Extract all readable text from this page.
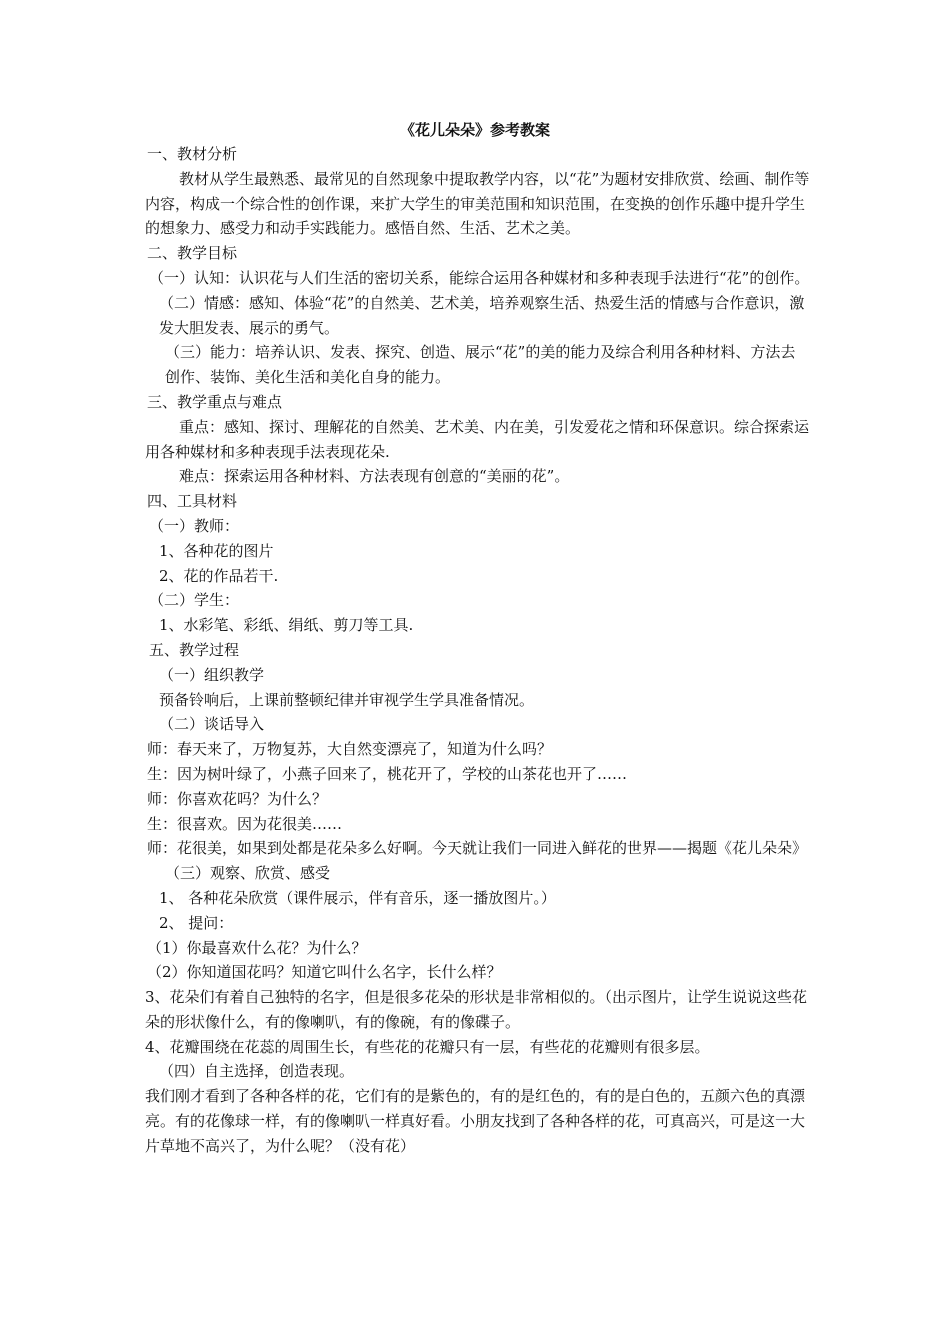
《花儿朵朵》参考教案

一、教材分析

教材从学生最熟悉、最常见的自然现象中提取教学内容，以“花”为题材安排欣赏、绘画、制作等内容，构成一个综合性的创作课，来扩大学生的审美范围和知识范围，在变换的创作乐趣中提升学生的想象力、感受力和动手实践能力。感悟自然、生活、艺术之美。

二、教学目标

（一）认知：认识花与人们生活的密切关系，能综合运用各种媒材和多种表现手法进行“花”的创作。

（二）情感：感知、体验“花”的自然美、艺术美，培养观察生活、热爱生活的情感与合作意识，激发大胆发表、展示的勇气。

（三）能力：培养认识、发表、探究、创造、展示“花”的美的能力及综合利用各种材料、方法去创作、装饰、美化生活和美化自身的能力。

三、教学重点与难点

重点：感知、探讨、理解花的自然美、艺术美、内在美，引发爱花之情和环保意识。综合探索运用各种媒材和多种表现手法表现花朵.

难点：探索运用各种材料、方法表现有创意的“美丽的花”。

四、工具材料

（一）教师：

1、各种花的图片

2、花的作品若干.

（二）学生：

1、水彩笔、彩纸、绢纸、剪刀等工具.

五、教学过程

（一）组织教学

预备铃响后，上课前整顿纪律并审视学生学具准备情况。

（二）谈话导入

师：春天来了，万物复苏，大自然变漂亮了，知道为什么吗？

生：因为树叶绿了，小燕子回来了，桃花开了，学校的山茶花也开了……

师：你喜欢花吗？为什么？

生：很喜欢。因为花很美……

师：花很美，如果到处都是花朵多么好啊。今天就让我们一同进入鲜花的世界——揭题《花儿朵朵》

（三）观察、欣赏、感受

1、 各种花朵欣赏（课件展示，伴有音乐，逐一播放图片。）

2、 提问：

（1）你最喜欢什么花？为什么？

（2）你知道国花吗？知道它叫什么名字，长什么样？

3、花朵们有着自己独特的名字，但是很多花朵的形状是非常相似的。（出示图片，让学生说说这些花朵的形状像什么，有的像喇叭，有的像碗，有的像碟子。

4、花瓣围绕在花蕊的周围生长，有些花的花瓣只有一层，有些花的花瓣则有很多层。

（四）自主选择，创造表现。

我们刚才看到了各种各样的花，它们有的是紫色的，有的是红色的，有的是白色的，五颜六色的真漂亮。有的花像球一样，有的像喇叭一样真好看。小朋友找到了各种各样的花，可真高兴，可是这一大片草地不高兴了，为什么呢？（没有花）
